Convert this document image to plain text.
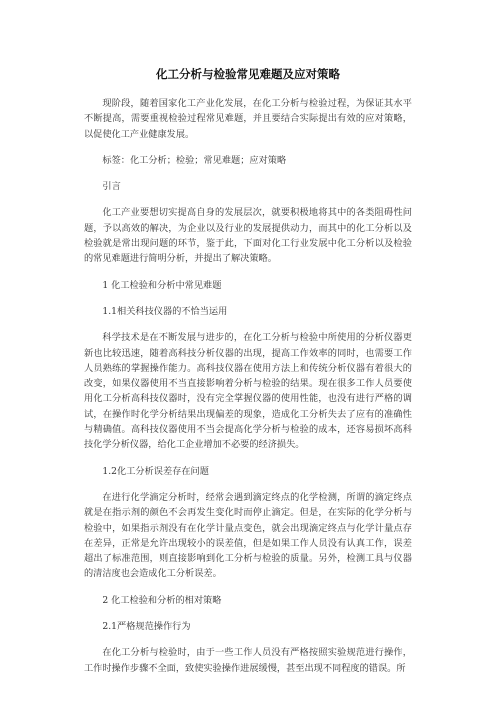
化工分析与检验常见难题及应对策略
现阶段，随着国家化工产业化发展，在化工分析与检验过程，为保证其水平不断提高，需要重视检验过程常见难题，并且要结合实际提出有效的应对策略，以促使化工产业健康发展。
标签：化工分析；检验；常见难题；应对策略
引言
化工产业要想切实提高自身的发展层次，就要积极地将其中的各类阻碍性问题，予以高效的解决，为企业以及行业的发展提供动力，而其中的化工分析以及检验就是常出现问题的环节，鉴于此，下面对化工行业发展中化工分析以及检验的常见难题进行简明分析，并提出了解决策略。
1 化工检验和分析中常见难题
1.1相关科技仪器的不恰当运用
科学技术是在不断发展与进步的，在化工分析与检验中所使用的分析仪器更新也比较迅速，随着高科技分析仪器的出现，提高工作效率的同时，也需要工作人员熟练的掌握操作能力。高科技仪器在使用方法上和传统分析仪器有着很大的改变，如果仪器使用不当直接影响着分析与检验的结果。现在很多工作人员要使用化工分析高科技仪器时，没有完全掌握仪器的使用性能，也没有进行严格的调试，在操作时化学分析结果出现偏差的现象，造成化工分析失去了应有的准确性与精确值。高科技仪器使用不当会提高化学分析与检验的成本，还容易损坏高科技化学分析仪器，给化工企业增加不必要的经济损失。
1.2化工分析误差存在问题
在进行化学滴定分析时，经常会遇到滴定终点的化学检测，所谓的滴定终点就是在指示剂的颜色不会再发生变化时而停止滴定。但是，在实际的化学分析与检验中，如果指示剂没有在化学计量点变色，就会出现滴定终点与化学计量点存在差异，正常是允许出现较小的误差值，但是如果工作人员没有认真工作，误差超出了标准范围，则直接影响到化工分析与检验的质量。另外，检测工具与仪器的清洁度也会造成化工分析误差。
2 化工检验和分析的相对策略
2.1严格规范操作行为
在化工分析与检验时，由于一些工作人员没有严格按照实验规范进行操作，工作时操作步骤不全面，致使实验操作进展缓慢，甚至出现不同程度的错误。所
